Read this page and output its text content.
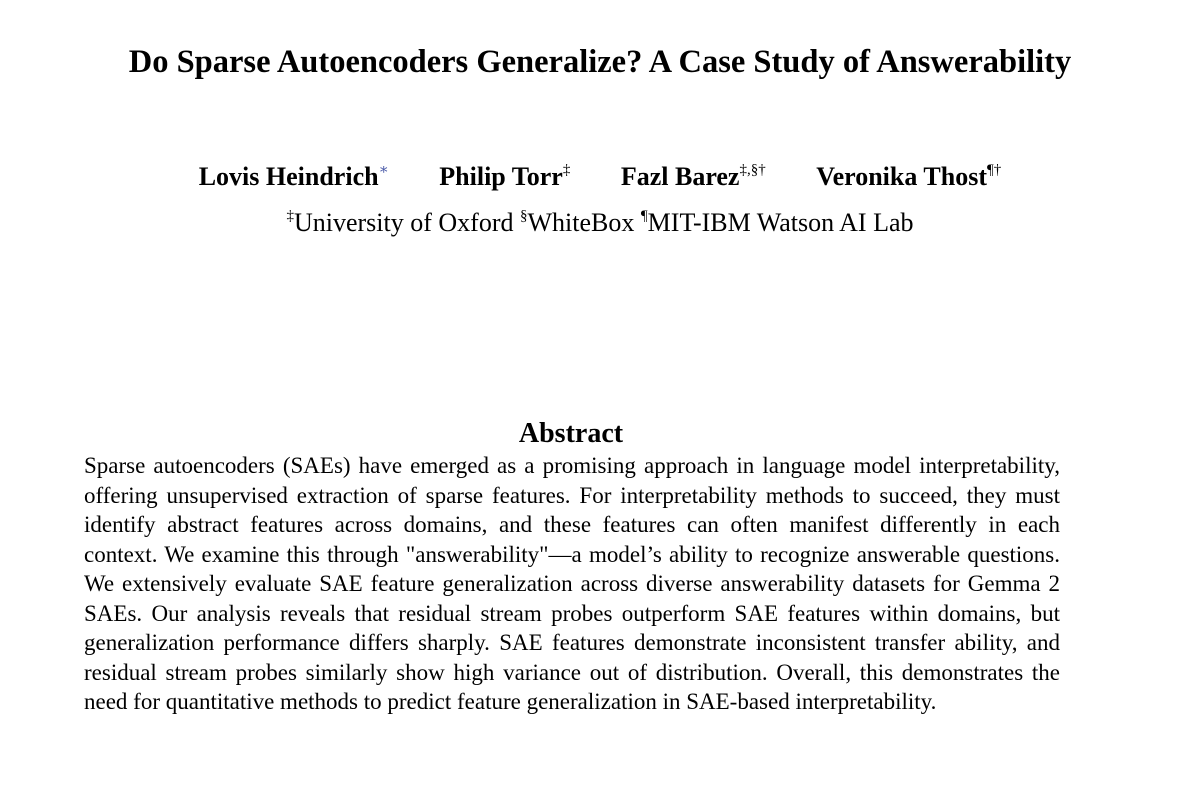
Do Sparse Autoencoders Generalize? A Case Study of Answerability
Lovis Heindrich∗ Philip Torr‡ Fazl Barez‡,§† Veronika Thost¶†
‡University of Oxford §WhiteBox ¶MIT-IBM Watson AI Lab
Abstract
Sparse autoencoders (SAEs) have emerged as a promising approach in language model interpretability, offering unsupervised extraction of sparse features. For interpretability methods to succeed, they must identify abstract features across domains, and these features can often manifest differently in each context. We examine this through "answerability"—a model’s ability to recognize answerable questions. We extensively evaluate SAE feature generalization across diverse answerability datasets for Gemma 2 SAEs. Our analysis reveals that residual stream probes outperform SAE features within domains, but generalization performance differs sharply. SAE features demonstrate inconsistent transfer ability, and residual stream probes similarly show high variance out of distribution. Overall, this demonstrates the need for quantitative methods to predict feature generalization in SAE-based interpretability.
